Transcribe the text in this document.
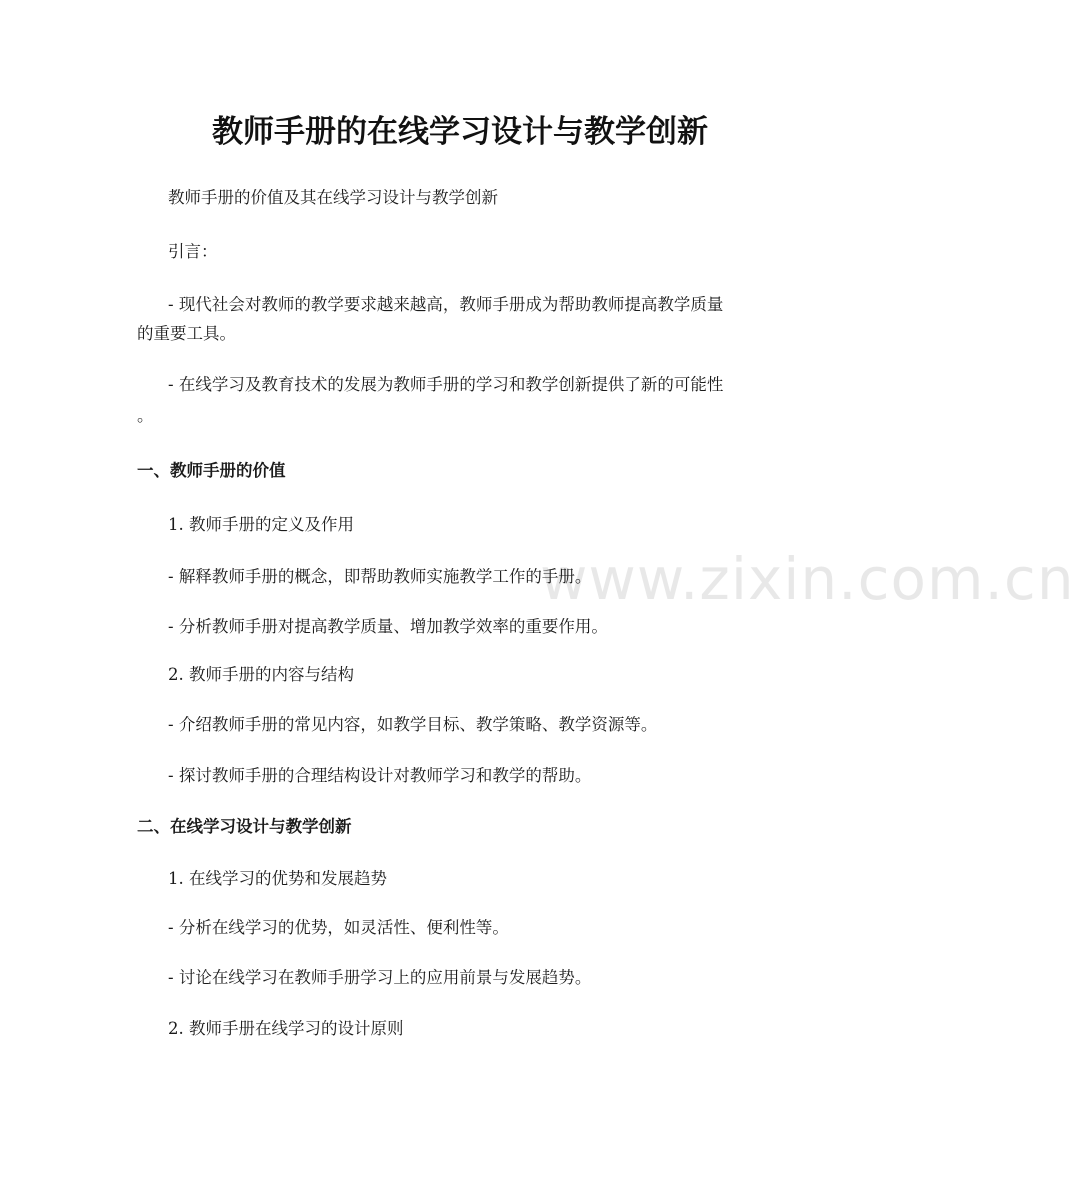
教师手册的在线学习设计与教学创新

教师手册的价值及其在线学习设计与教学创新

引言：

- 现代社会对教师的教学要求越来越高，教师手册成为帮助教师提高教学质量

的重要工具。

- 在线学习及教育技术的发展为教师手册的学习和教学创新提供了新的可能性

。

一、教师手册的价值

1. 教师手册的定义及作用

- 解释教师手册的概念，即帮助教师实施教学工作的手册。

- 分析教师手册对提高教学质量、增加教学效率的重要作用。

2. 教师手册的内容与结构

- 介绍教师手册的常见内容，如教学目标、教学策略、教学资源等。

- 探讨教师手册的合理结构设计对教师学习和教学的帮助。

二、在线学习设计与教学创新

1. 在线学习的优势和发展趋势

- 分析在线学习的优势，如灵活性、便利性等。

- 讨论在线学习在教师手册学习上的应用前景与发展趋势。

2. 教师手册在线学习的设计原则

www.zixin.com.cn
